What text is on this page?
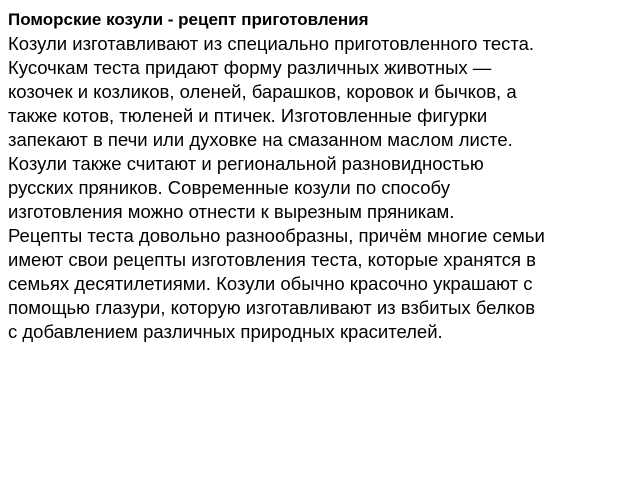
Поморские козули - рецепт приготовления
Козули изготавливают из специально приготовленного теста.
Кусочкам теста придают форму различных животных —
козочек и козликов, оленей, барашков, коровок и бычков, а
также котов, тюленей и птичек. Изготовленные фигурки
запекают в печи или духовке на смазанном маслом листе.
Козули также считают и региональной разновидностью
русских пряников. Современные козули по способу
изготовления можно отнести к вырезным пряникам.
Рецепты теста довольно разнообразны, причём многие семьи
имеют свои рецепты изготовления теста, которые хранятся в
семьях десятилетиями. Козули обычно красочно украшают с
помощью глазури, которую изготавливают из взбитых белков
с добавлением различных природных красителей.
